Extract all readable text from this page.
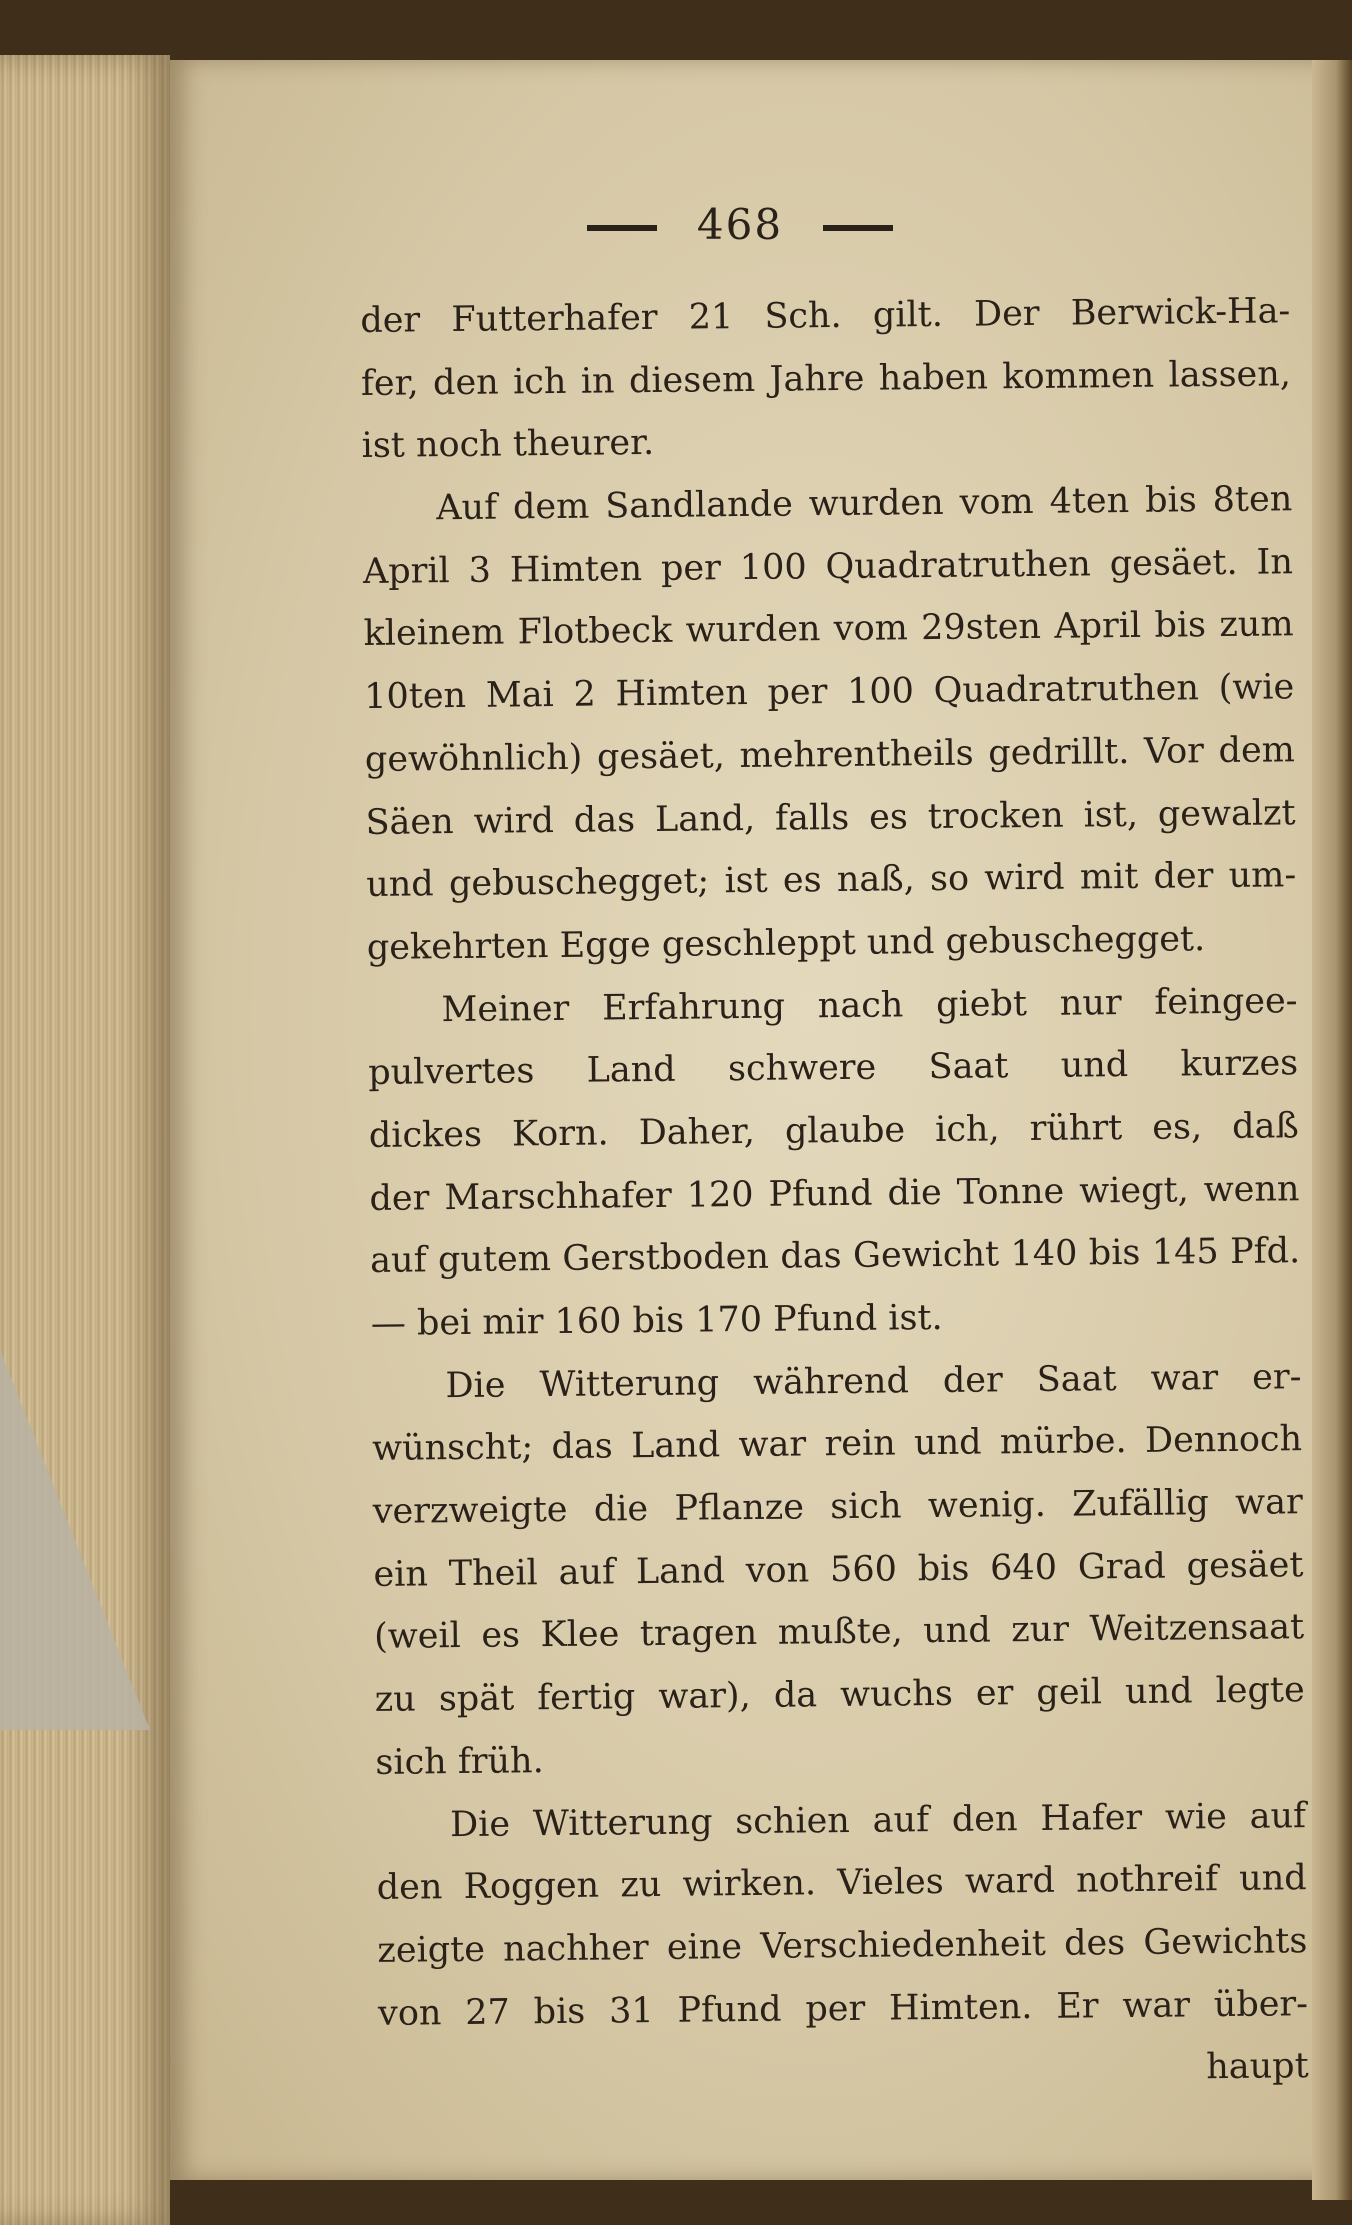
468
der Futterhafer 21 Sch. gilt. Der Berwick-Ha-
fer, den ich in diesem Jahre haben kommen lassen,
ist noch theurer.
Auf dem Sandlande wurden vom 4ten bis 8ten
April 3 Himten per 100 Quadratruthen gesäet. In
kleinem Flotbeck wurden vom 29sten April bis zum
10ten Mai 2 Himten per 100 Quadratruthen (wie
gewöhnlich) gesäet, mehrentheils gedrillt. Vor dem
Säen wird das Land, falls es trocken ist, gewalzt
und gebuschegget; ist es naß, so wird mit der um-
gekehrten Egge geschleppt und gebuschegget.
Meiner Erfahrung nach giebt nur feingee-
pulvertes Land schwere Saat und kurzes
dickes Korn. Daher, glaube ich, rührt es, daß
der Marschhafer 120 Pfund die Tonne wiegt, wenn
auf gutem Gerstboden das Gewicht 140 bis 145 Pfd.
— bei mir 160 bis 170 Pfund ist.
Die Witterung während der Saat war er-
wünscht; das Land war rein und mürbe. Dennoch
verzweigte die Pflanze sich wenig. Zufällig war
ein Theil auf Land von 560 bis 640 Grad gesäet
(weil es Klee tragen mußte, und zur Weitzensaat
zu spät fertig war), da wuchs er geil und legte
sich früh.
Die Witterung schien auf den Hafer wie auf
den Roggen zu wirken. Vieles ward nothreif und
zeigte nachher eine Verschiedenheit des Gewichts
von 27 bis 31 Pfund per Himten. Er war über-
haupt
